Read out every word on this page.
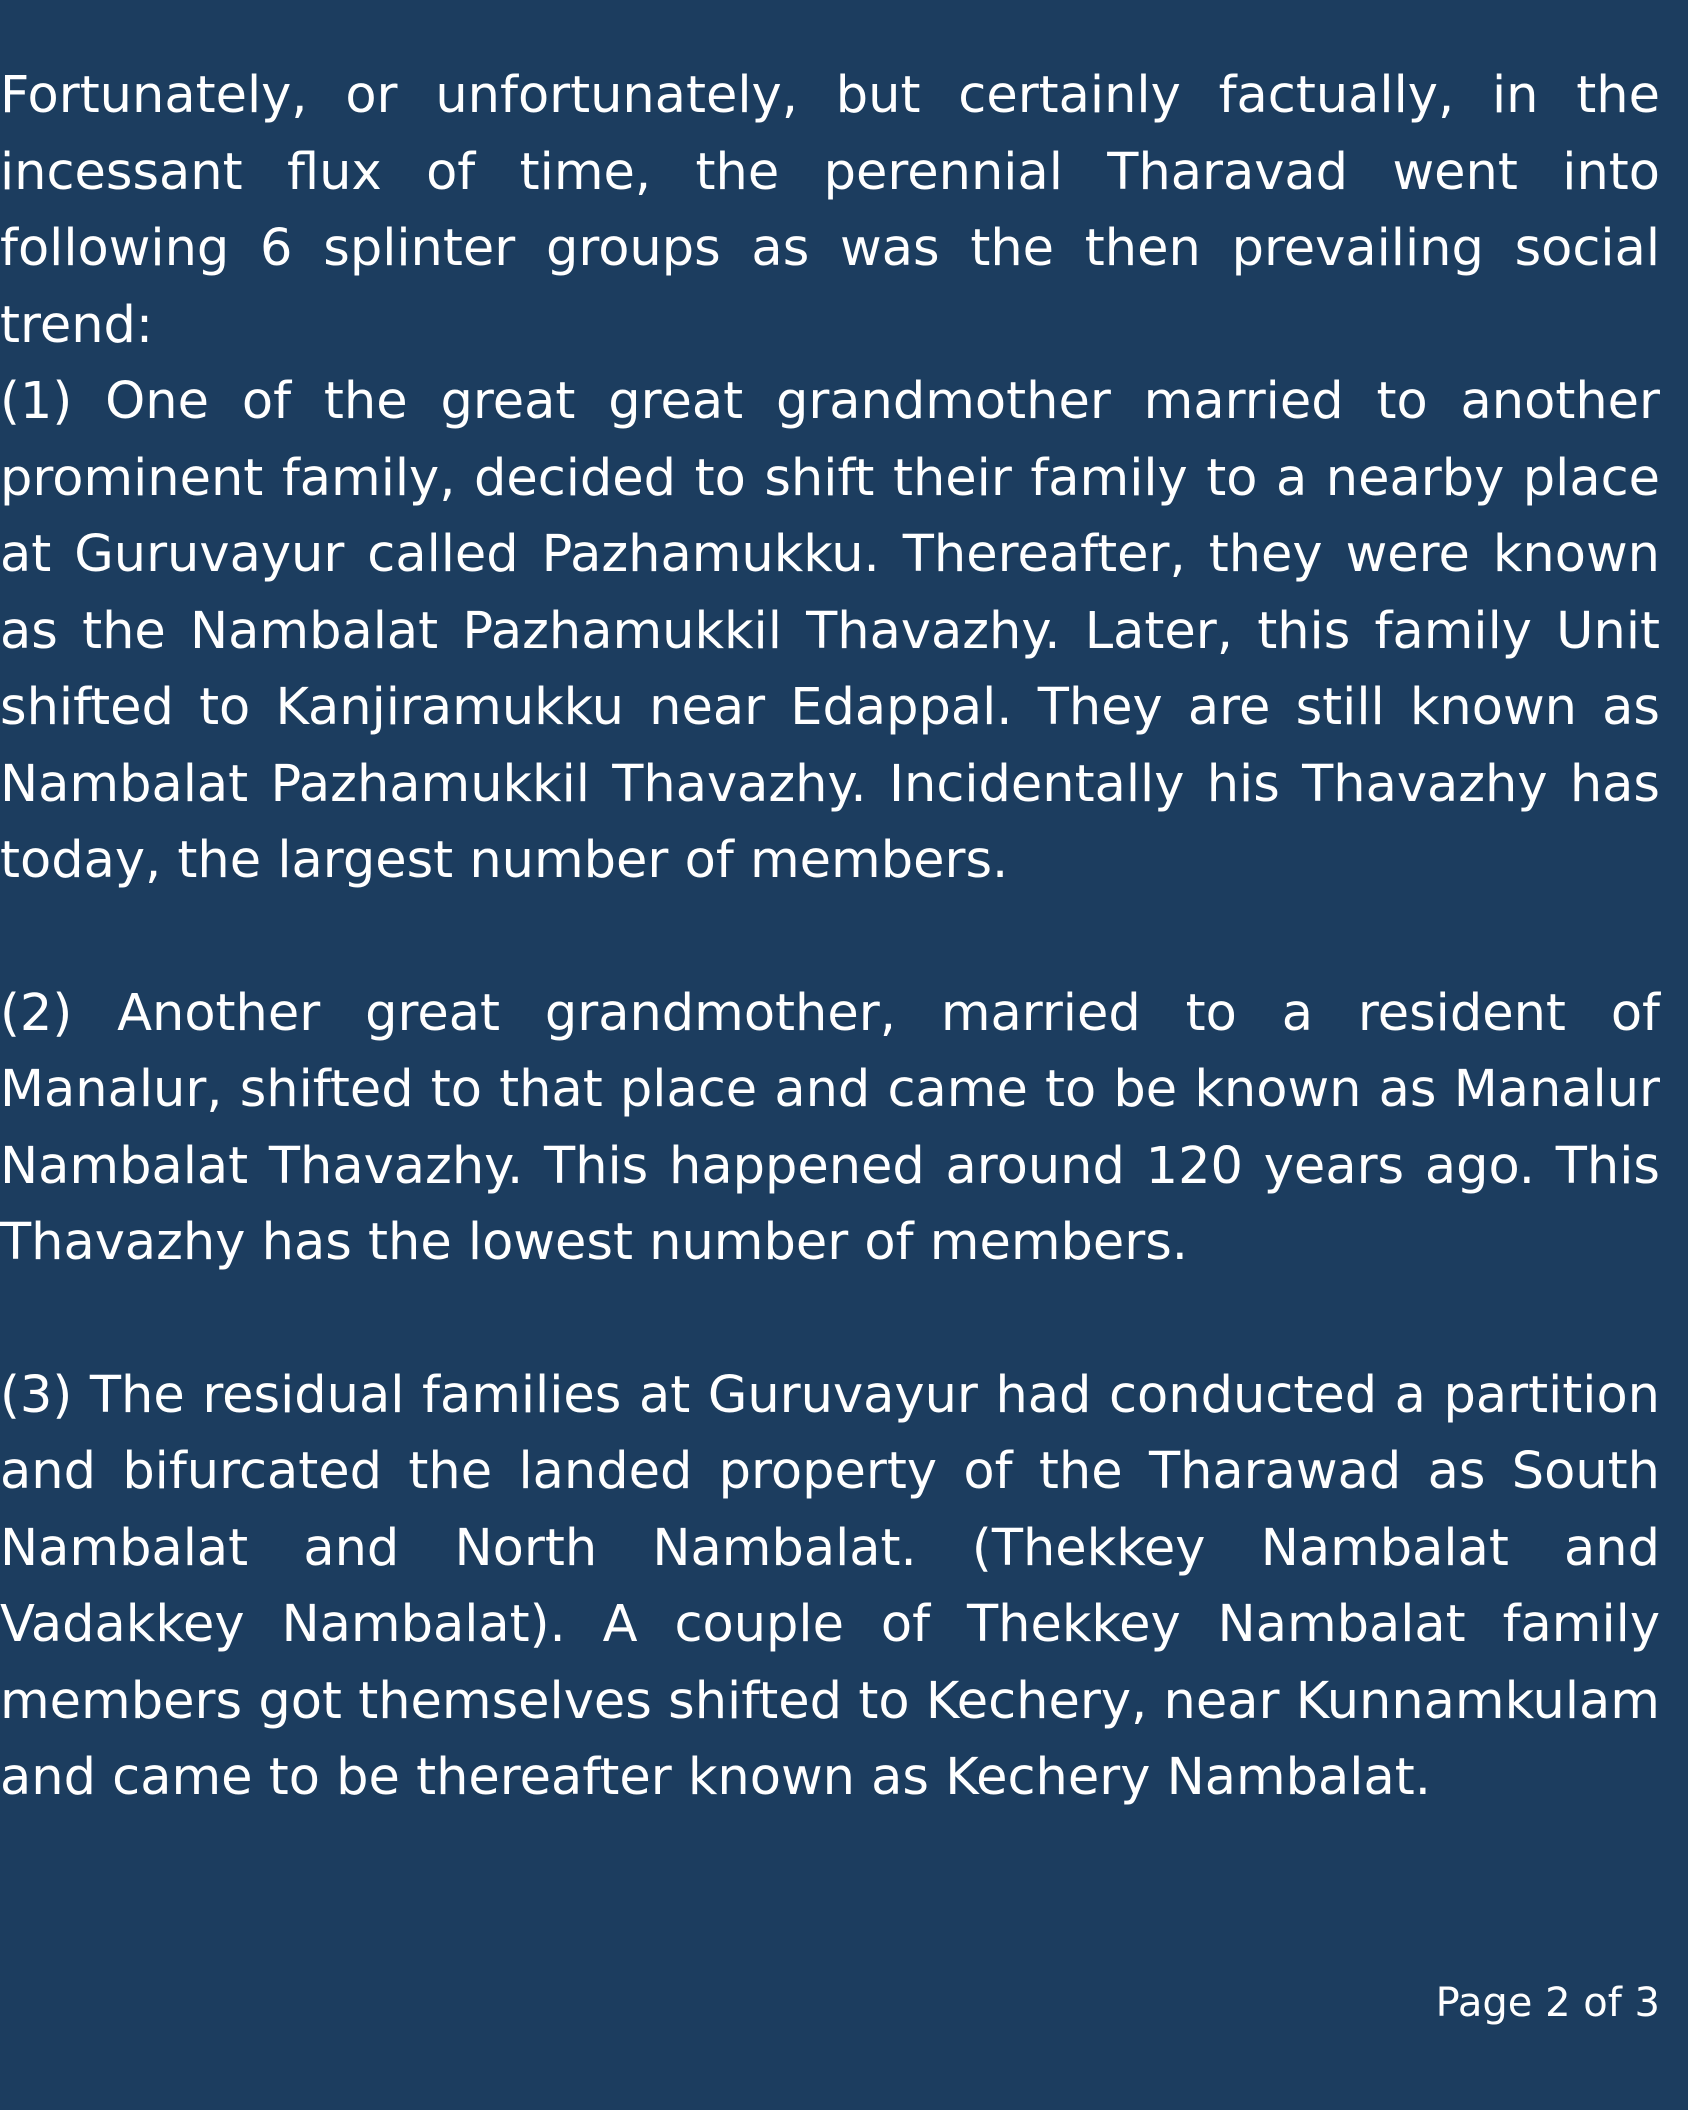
Fortunately, or unfortunately, but certainly factually, in the incessant flux of time, the perennial Tharavad went into following 6 splinter groups as was the then prevailing social trend:

(1) One of the great great grandmother married to another prominent family, decided to shift their family to a nearby place at Guruvayur called Pazhamukku. Thereafter, they were known as the Nambalat Pazhamukkil Thavazhy. Later, this family Unit shifted to Kanjiramukku near Edappal. They are still known as Nambalat Pazhamukkil Thavazhy. Incidentally his Thavazhy has today, the largest number of members.

(2) Another great grandmother, married to a resident of Manalur, shifted to that place and came to be known as Manalur Nambalat Thavazhy. This happened around 120 years ago. This Thavazhy has the lowest number of members.

(3) The residual families at Guruvayur had conducted a partition and bifurcated the landed property of the Tharawad as South Nambalat and North Nambalat. (Thekkey Nambalat and Vadakkey Nambalat). A couple of Thekkey Nambalat family members got themselves shifted to Kechery, near Kunnamkulam and came to be thereafter known as Kechery Nambalat.

Page 2 of 3
